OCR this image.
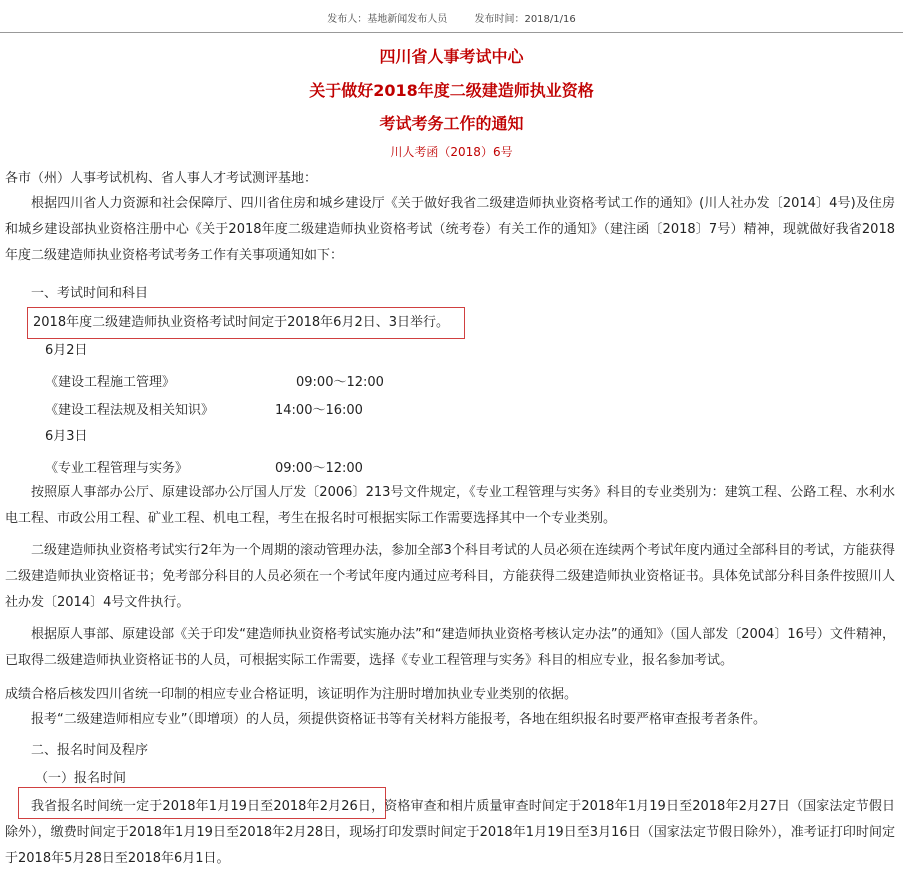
发布人：基地新闻发布人员	发布时间：2018/1/16
四川省人事考试中心
关于做好2018年度二级建造师执业资格
考试考务工作的通知
川人考函（2018）6号
各市（州）人事考试机构、省人事人才考试测评基地：

根据四川省人力资源和社会保障厅、四川省住房和城乡建设厅《关于做好我省二级建造师执业资格考试工作的通知》(川人社办发〔2014〕4号)及住房和城乡建设部执业资格注册中心《关于2018年度二级建造师执业资格考试（统考卷）有关工作的通知》（建注函〔2018〕7号）精神，现就做好我省2018年度二级建造师执业资格考试考务工作有关事项通知如下：

一、考试时间和科目
2018年度二级建造师执业资格考试时间定于2018年6月2日、3日举行。
6月2日
《建设工程施工管理》	09:00～12:00
《建设工程法规及相关知识》	14:00～16:00
6月3日
《专业工程管理与实务》	09:00～12:00

按照原人事部办公厅、原建设部办公厅国人厅发〔2006〕213号文件规定，《专业工程管理与实务》科目的专业类别为：建筑工程、公路工程、水利水电工程、市政公用工程、矿业工程、机电工程，考生在报名时可根据实际工作需要选择其中一个专业类别。

二级建造师执业资格考试实行2年为一个周期的滚动管理办法，参加全部3个科目考试的人员必须在连续两个考试年度内通过全部科目的考试，方能获得二级建造师执业资格证书；免考部分科目的人员必须在一个考试年度内通过应考科目，方能获得二级建造师执业资格证书。具体免试部分科目条件按照川人社办发〔2014〕4号文件执行。

根据原人事部、原建设部《关于印发“建造师执业资格考试实施办法”和“建造师执业资格考核认定办法”的通知》（国人部发〔2004〕16号）文件精神，已取得二级建造师执业资格证书的人员，可根据实际工作需要，选择《专业工程管理与实务》科目的相应专业，报名参加考试。

成绩合格后核发四川省统一印制的相应专业合格证明，该证明作为注册时增加执业专业类别的依据。

报考“二级建造师相应专业”（即增项）的人员，须提供资格证书等有关材料方能报考，各地在组织报名时要严格审查报考者条件。

二、报名时间及程序
（一）报名时间

我省报名时间统一定于2018年1月19日至2018年2月26日，资格审查和相片质量审查时间定于2018年1月19日至2018年2月27日（国家法定节假日除外），缴费时间定于2018年1月19日至2018年2月28日，现场打印发票时间定于2018年1月19日至3月16日（国家法定节假日除外），准考证打印时间定于2018年5月28日至2018年6月1日。
